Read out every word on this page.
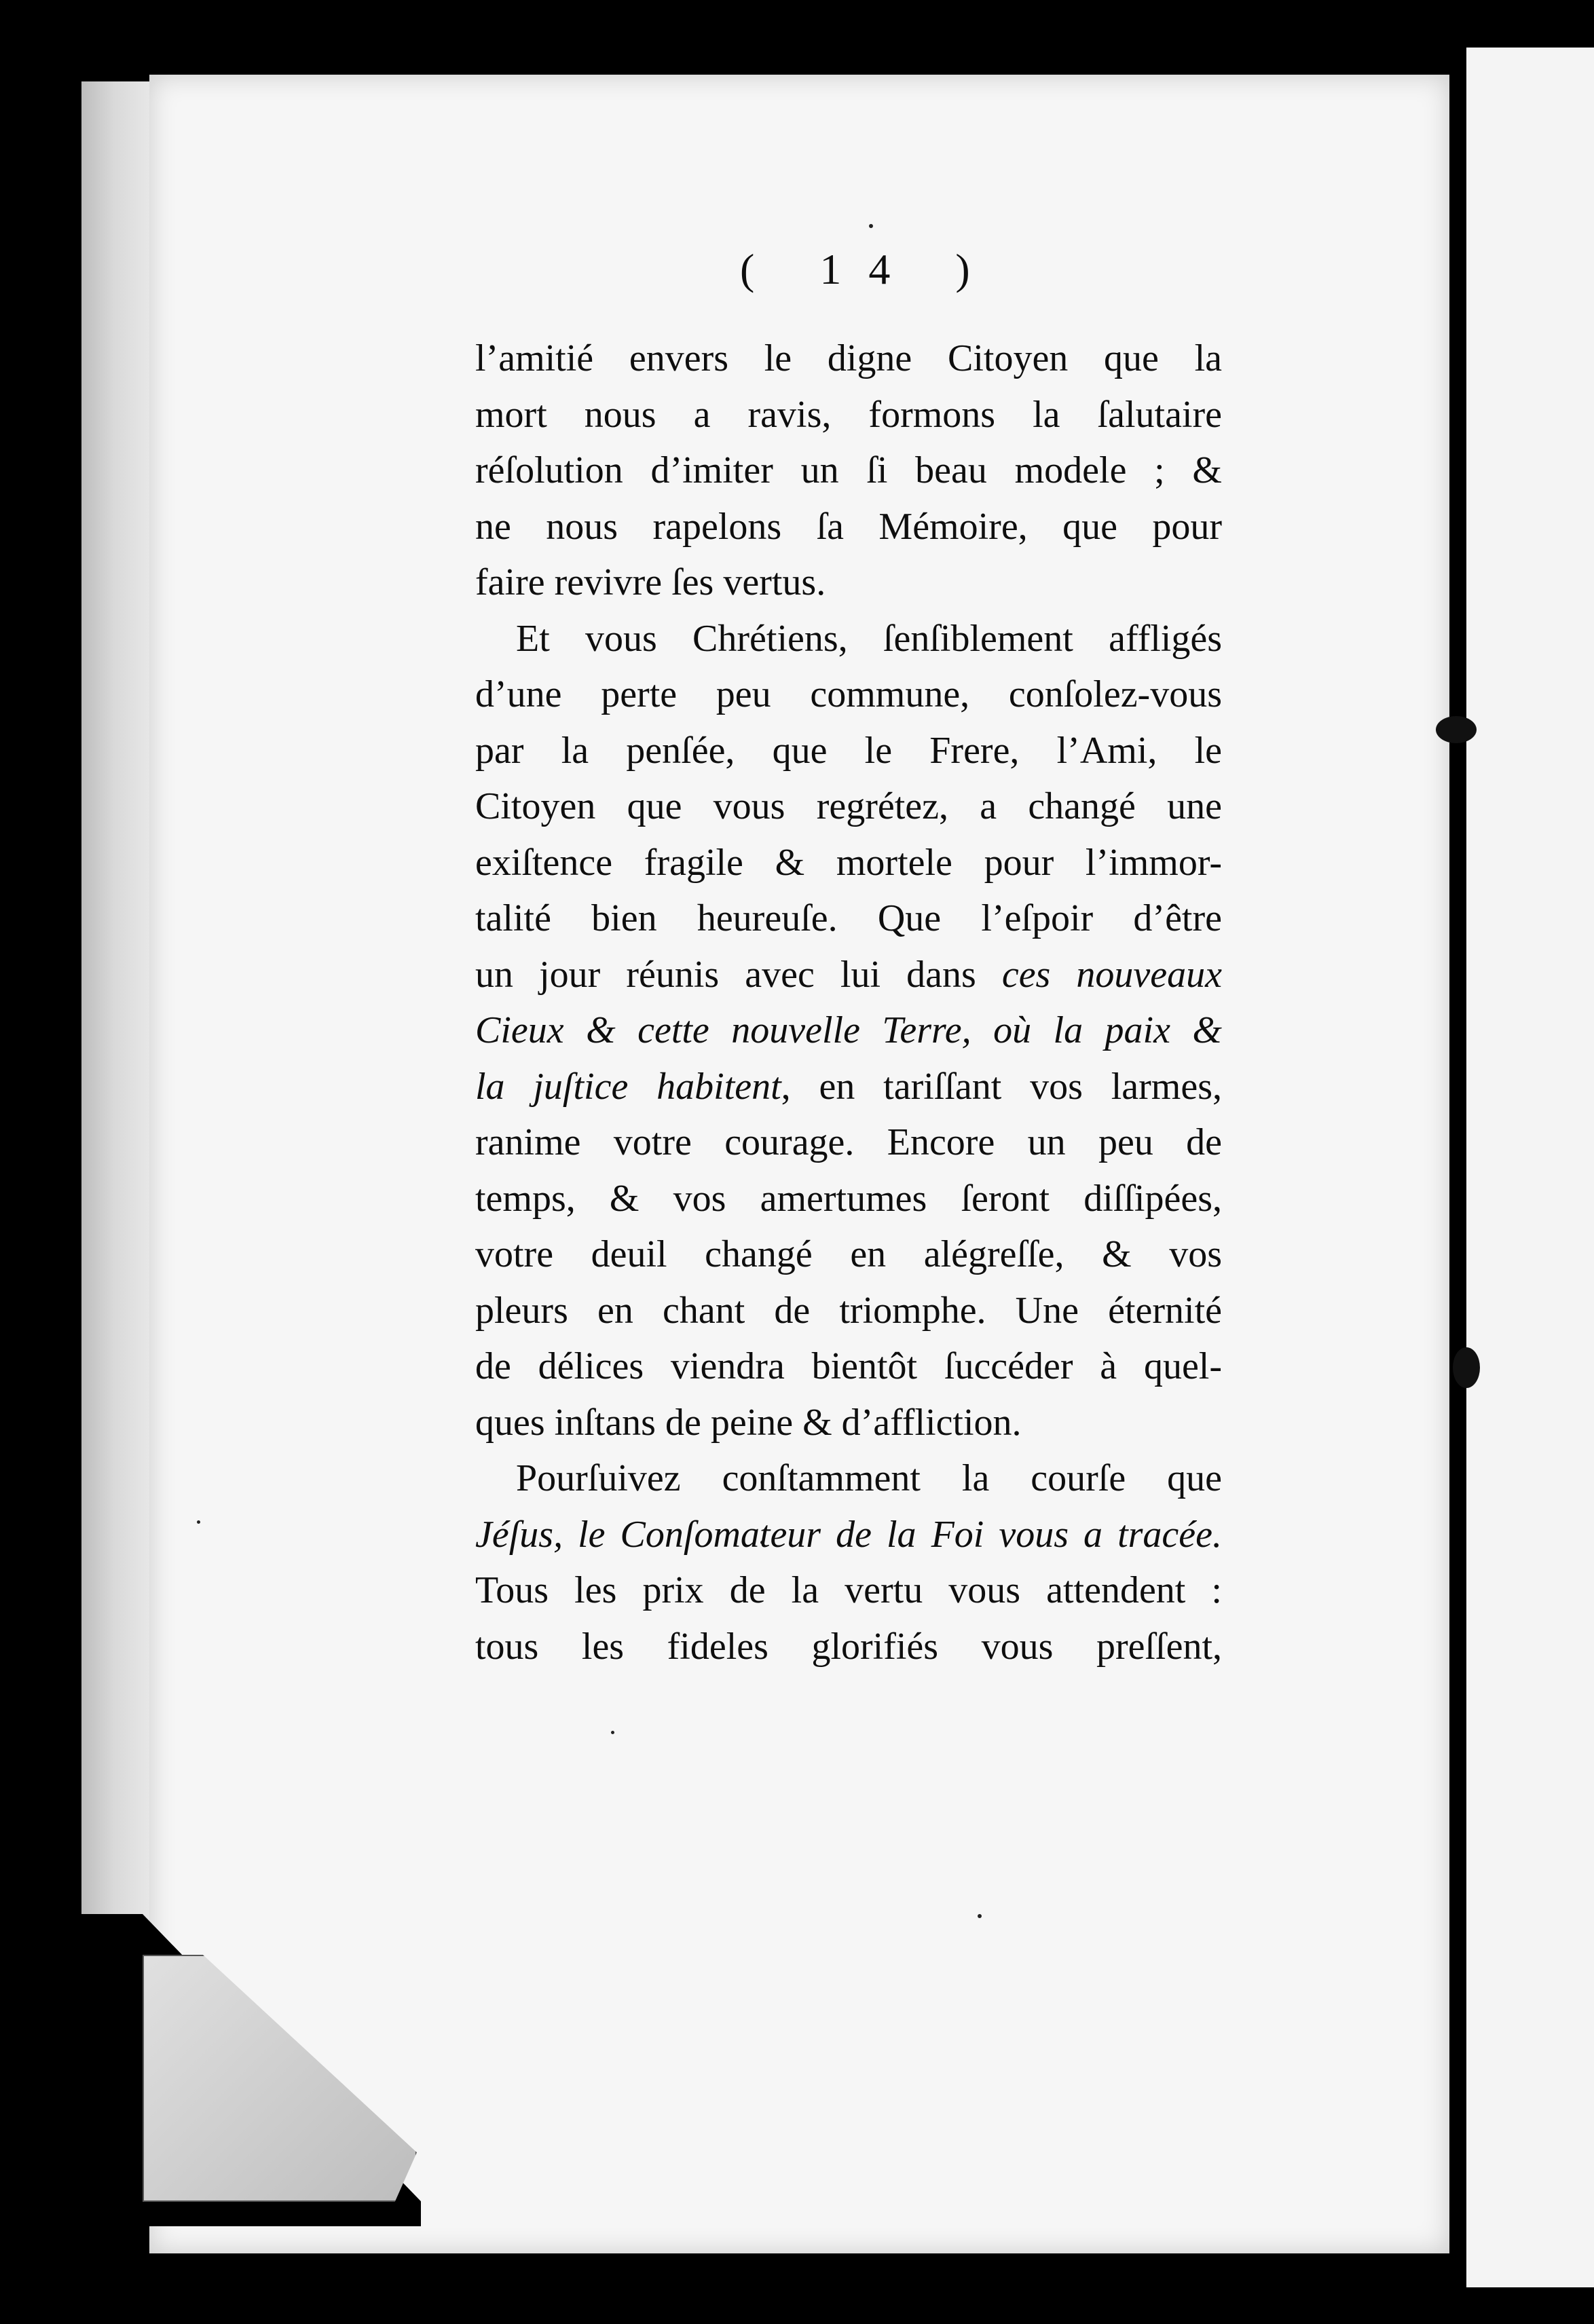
( 14 )
l’amitié envers le digne Citoyen que la
mort nous a ravis, formons la ſalutaire
réſolution d’imiter un ſi beau modele ; &
ne nous rapelons ſa Mémoire, que pour
faire revivre ſes vertus.
Et vous Chrétiens, ſenſiblement affligés
d’une perte peu commune, conſolez-vous
par la penſée, que le Frere, l’Ami, le
Citoyen que vous regrétez, a changé une
exiſtence fragile & mortele pour l’immor-
talité bien heureuſe. Que l’eſpoir d’être
un jour réunis avec lui dans ces nouveaux
Cieux & cette nouvelle Terre, où la paix &
la juſtice habitent, en tariſſant vos larmes,
ranime votre courage. Encore un peu de
temps, & vos amertumes ſeront diſſipées,
votre deuil changé en alégreſſe, & vos
pleurs en chant de triomphe. Une éternité
de délices viendra bientôt ſuccéder à quel-
ques inſtans de peine & d’affliction.
Pourſuivez conſtamment la courſe que
Jéſus, le Conſomateur de la Foi vous a tracée.
Tous les prix de la vertu vous attendent :
tous les fideles glorifiés vous preſſent,
